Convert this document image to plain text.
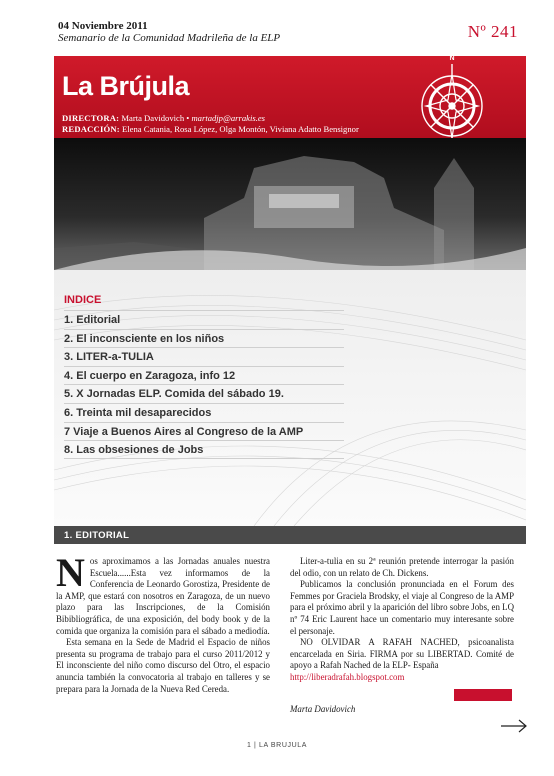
04 Noviembre 2011
Semanario de la Comunidad Madrileña de la ELP	Nº 241
La Brújula
DIRECTORA: Marta Davidovich • martadjp@arrakis.es
REDACCIÓN: Elena Catania, Rosa López, Olga Montón, Viviana Adatto Bensignor
N
INDICE
1. Editorial
2. El inconsciente en los niños
3. LITER-a-TULIA
4. El cuerpo en Zaragoza, info 12
5. X Jornadas ELP. Comida del sábado 19.
6. Treinta mil desaparecidos
7 Viaje a Buenos Aires al Congreso de la AMP
8. Las obsesiones de Jobs
1. EDITORIAL
N os aproximamos a las Jornadas anuales nuestra Escuela......Esta vez informamos de la Conferencia de Leonardo Gorostiza, Presidente de la AMP, que estará con nosotros en Zaragoza, de un nuevo plazo para las Inscripciones, de la Comisión Bibibliográfica, de una exposición, del body book y de la comida que organiza la comisión para el sábado a mediodía.

Esta semana en la Sede de Madrid el Espacio de niños presenta su programa de trabajo para el curso 2011/2012 y El inconsciente del niño como discurso del Otro, el espacio anuncia también la convocatoria al trabajo en talleres y se prepara para la Jornada de la Nueva Red Cereda.

Liter-a-tulia en su 2ª reunión pretende interrogar la pasión del odio, con un relato de Ch. Dickens.

Publicamos la conclusión pronunciada en el Forum des Femmes por Graciela Brodsky, el viaje al Congreso de la AMP para el próximo abril y la aparición del libro sobre Jobs, en LQ nº 74 Eric Laurent hace un comentario muy interesante sobre el personaje.

NO OLVIDAR A RAFAH NACHED, psicoanalista encarcelada en Siria. FIRMA por su LIBERTAD. Comité de apoyo a Rafah Nached de la ELP- España

http://liberadrafah.blogspot.com

Marta Davidovich

1 | LA BRUJULA
